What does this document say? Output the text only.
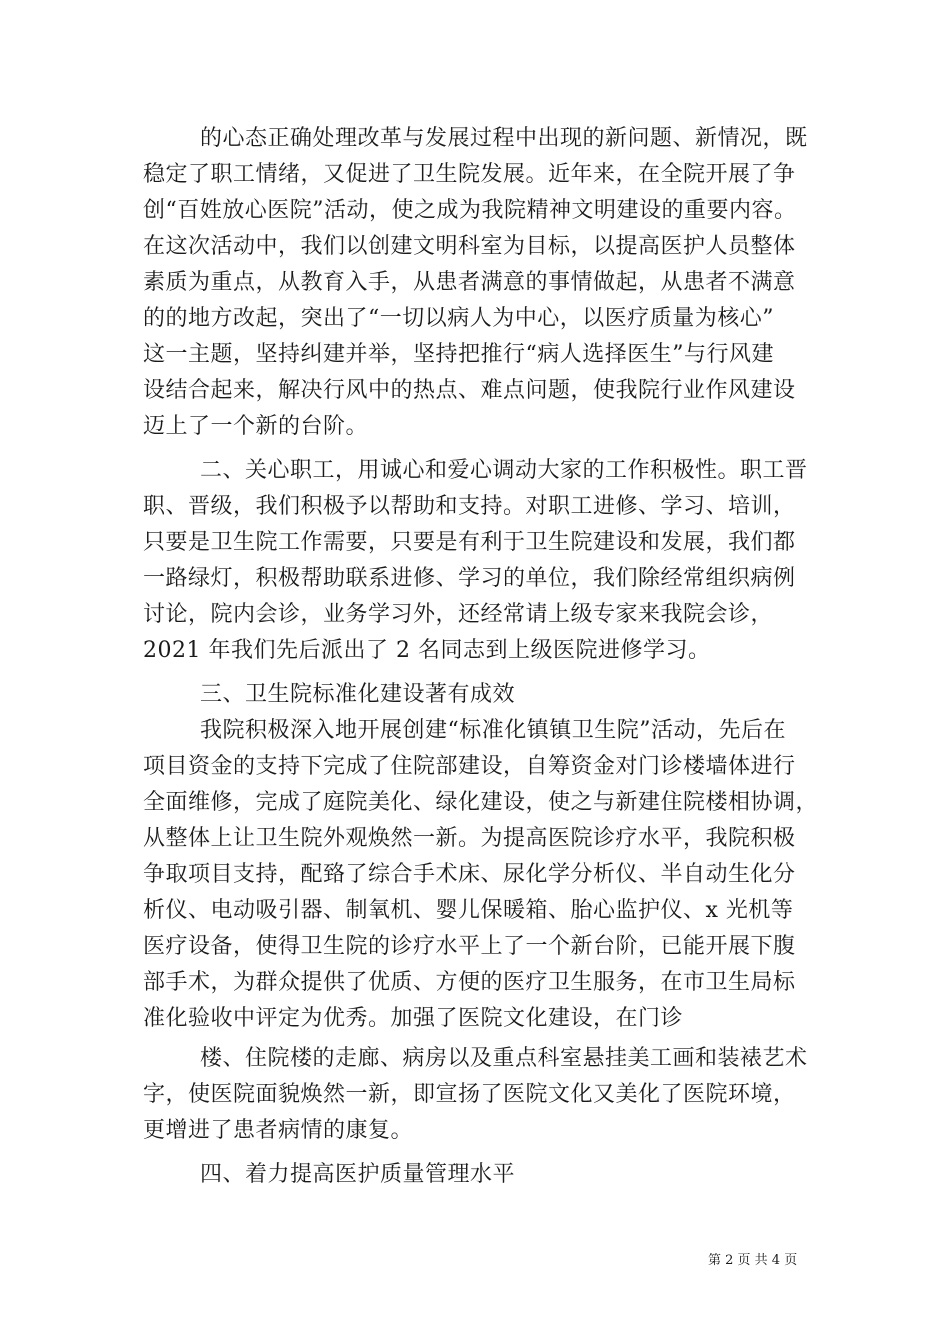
的心态正确处理改革与发展过程中出现的新问题、新情况，既
稳定了职工情绪，又促进了卫生院发展。近年来，在全院开展了争
创“百姓放心医院”活动，使之成为我院精神文明建设的重要内容。
在这次活动中，我们以创建文明科室为目标，以提高医护人员整体
素质为重点，从教育入手，从患者满意的事情做起，从患者不满意
的的地方改起，突出了“一切以病人为中心，以医疗质量为核心”
这一主题，坚持纠建并举，坚持把推行“病人选择医生”与行风建
设结合起来，解决行风中的热点、难点问题，使我院行业作风建设
迈上了一个新的台阶。
二、关心职工，用诚心和爱心调动大家的工作积极性。职工晋
职、晋级，我们积极予以帮助和支持。对职工进修、学习、培训，
只要是卫生院工作需要，只要是有利于卫生院建设和发展，我们都
一路绿灯，积极帮助联系进修、学习的单位，我们除经常组织病例
讨论，院内会诊，业务学习外，还经常请上级专家来我院会诊，
2021 年我们先后派出了 2 名同志到上级医院进修学习。
三、卫生院标准化建设著有成效
我院积极深入地开展创建“标准化镇镇卫生院”活动，先后在
项目资金的支持下完成了住院部建设，自筹资金对门诊楼墙体进行
全面维修，完成了庭院美化、绿化建设，使之与新建住院楼相协调，
从整体上让卫生院外观焕然一新。为提高医院诊疗水平，我院积极
争取项目支持，配臵了综合手术床、尿化学分析仪、半自动生化分
析仪、电动吸引器、制氧机、婴儿保暖箱、胎心监护仪、x 光机等
医疗设备，使得卫生院的诊疗水平上了一个新台阶，已能开展下腹
部手术，为群众提供了优质、方便的医疗卫生服务，在市卫生局标
准化验收中评定为优秀。加强了医院文化建设，在门诊
楼、住院楼的走廊、病房以及重点科室悬挂美工画和装裱艺术
字，使医院面貌焕然一新，即宣扬了医院文化又美化了医院环境，
更增进了患者病情的康复。
四、着力提高医护质量管理水平
第 2 页 共 4 页
